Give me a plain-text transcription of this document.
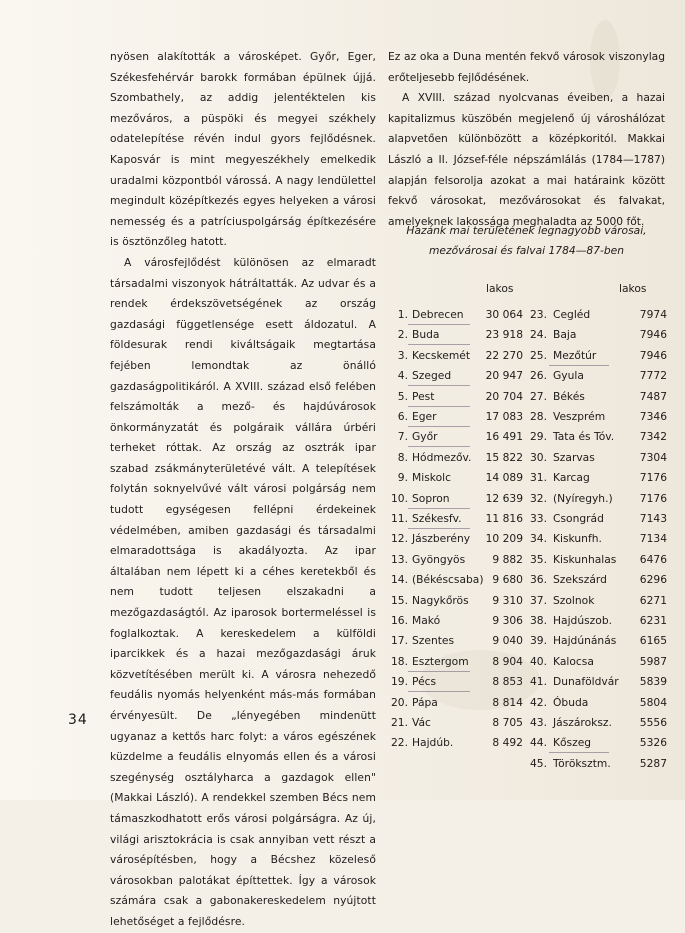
nyösen alakították a városképet. Győr, Eger, Székesfehérvár barokk formában épülnek újjá. Szombathely, az addig jelentéktelen kis mezőváros, a püspöki és megyei székhely odatelepítése révén indul gyors fejlődésnek. Kaposvár is mint megyeszékhely emelkedik uradalmi központból várossá. A nagy lendülettel megindult középítkezés egyes helyeken a városi nemesség és a patríciuspolgárság építkezésére is ösztönzőleg hatott.

A városfejlődést különösen az elmaradt társadalmi viszonyok hátráltatták. Az udvar és a rendek érdekszövetségének az ország gazdasági függetlensége esett áldozatul. A földesurak rendi kiváltságaik megtartása fejében lemondtak az önálló gazdaságpolitikáról. A XVIII. század első felében felszámolták a mező- és hajdúvárosok önkormányzatát és polgáraik vállára úrbéri terheket róttak. Az ország az osztrák ipar szabad zsákmányterületévé vált. A telepítések folytán soknyelvűvé vált városi polgárság nem tudott egységesen fellépni érdekeinek védelmében, amiben gazdasági és társadalmi elmaradottsága is akadályozta. Az ipar általában nem lépett ki a céhes keretekből és nem tudott teljesen elszakadni a mezőgazdaságtól. Az iparosok bortermeléssel is foglalkoztak. A kereskedelem a külföldi iparcikkek és a hazai mezőgazdasági áruk közvetítésében merült ki. A városra nehezedő feudális nyomás helyenként más-más formában érvényesült. De „lényegében mindenütt ugyanaz a kettős harc folyt: a város egészének küzdelme a feudális elnyomás ellen és a városi szegénység osztályharca a gazdagok ellen" (Makkai László). A rendekkel szemben Bécs nem támaszkodhatott erős városi polgárságra. Az új, világi arisztokrácia is csak annyiban vett részt a városépítésben, hogy a Bécshez közeleső városokban palotákat építtettek. Így a városok számára csak a gabonakereskedelem nyújtott lehetőséget a fejlődésre.

Ez az oka a Duna mentén fekvő városok viszonylag erőteljesebb fejlődésének.

A XVIII. század nyolcvanas éveiben, a hazai kapitalizmus küszöbén megjelenő új városhálózat alapvetően különbözött a középkoritól. Makkai László a II. József-féle népszámlálás (1784—1787) alapján felsorolja azokat a mai határaink között fekvő városokat, mezővárosokat és falvakat, amelyeknek lakossága meghaladta az 5000 főt.

Hazánk mai területének legnagyobb városai,
mezővárosai és falvai 1784—87-ben
lakos	lakos
1. Debrecen 30 064
2. Buda	23 918
3. Kecskemét 22 270
4. Szeged	20 947
5. Pest	20 704
6. Eger	17 083
7. Győr	16 491
8. Hódmezőv. 15 822
9. Miskolc	14 089
10. Sopron	12 639
11. Székesfv. 11 816
12. Jászberény 10 209
13. Gyöngyös	9 882
14. (Békéscsaba) 9 680
15. Nagykőrös 9 310
16. Makó	9 306
17. Szentes	9 040
18. Esztergom 8 904
19. Pécs	8 853
20. Pápa	8 814
21. Vác	8 705
22. Hajdúb.	8 492
23. Cegléd	7974
24. Baja	7946
25. Mezőtúr	7946
26. Gyula	7772
27. Békés	7487
28. Veszprém	7346
29. Tata és Tóv. 7342
30. Szarvas	7304
31. Karcag	7176
32. (Nyíregyh.)	7176
33. Csongrád	7143
34. Kiskunfh.	7134
35. Kiskunhalas 6476
36. Szekszárd	6296
37. Szolnok	6271
38. Hajdúszob.	6231
39. Hajdúnánás 6165
40. Kalocsa	5987
41. Dunaföldvár 5839
42. Óbuda	5804
43. Jászároksz.	5556
44. Kőszeg	5326
45. Töröksztm.	5287
34
